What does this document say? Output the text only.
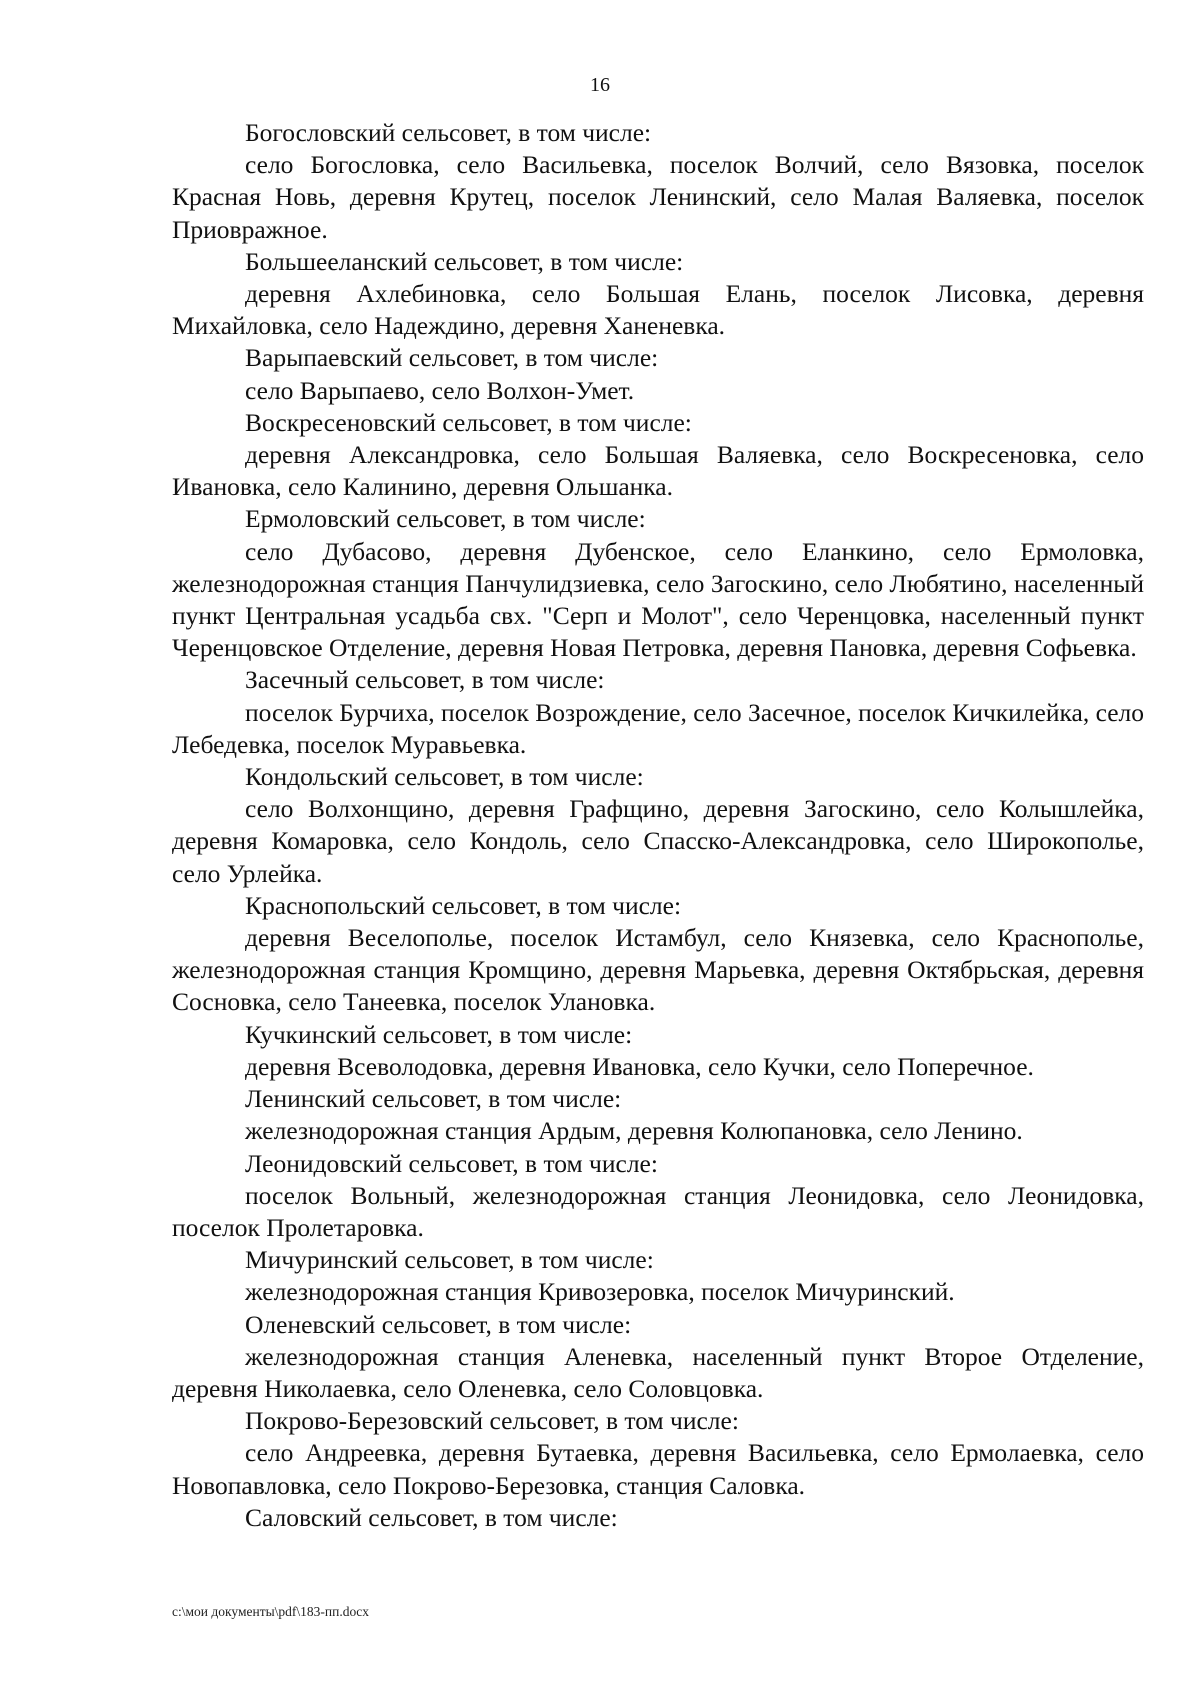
16

Богословский сельсовет, в том числе:

село Богословка, село Васильевка, поселок Волчий, село Вязовка, поселок Красная Новь, деревня Крутец, поселок Ленинский, село Малая Валяевка, поселок Приовражное.

Большееланский сельсовет, в том числе:

деревня Ахлебиновка, село Большая Елань, поселок Лисовка, деревня Михайловка, село Надеждино, деревня Ханеневка.

Варыпаевский сельсовет, в том числе:

село Варыпаево, село Волхон-Умет.

Воскресеновский сельсовет, в том числе:

деревня Александровка, село Большая Валяевка, село Воскресеновка, село Ивановка, село Калинино, деревня Ольшанка.

Ермоловский сельсовет, в том числе:

село Дубасово, деревня Дубенское, село Еланкино, село Ермоловка, железнодорожная станция Панчулидзиевка, село Загоскино, село Любятино, населенный пункт Центральная усадьба свх. "Серп и Молот", село Черенцовка, населенный пункт Черенцовское Отделение, деревня Новая Петровка, деревня Пановка, деревня Софьевка.

Засечный сельсовет, в том числе:

поселок Бурчиха, поселок Возрождение, село Засечное, поселок Кичкилейка, село Лебедевка, поселок Муравьевка.

Кондольский сельсовет, в том числе:

село Волхонщино, деревня Графщино, деревня Загоскино, село Колышлейка, деревня Комаровка, село Кондоль, село Спасско-Александровка, село Широкополье, село Урлейка.

Краснопольский сельсовет, в том числе:

деревня Веселополье, поселок Истамбул, село Князевка, село Краснополье, железнодорожная станция Кромщино, деревня Марьевка, деревня Октябрьская, деревня Сосновка, село Танеевка, поселок Улановка.

Кучкинский сельсовет, в том числе:

деревня Всеволодовка, деревня Ивановка, село Кучки, село Поперечное.

Ленинский сельсовет, в том числе:

железнодорожная станция Ардым, деревня Колюпановка, село Ленино.

Леонидовский сельсовет, в том числе:

поселок Вольный, железнодорожная станция Леонидовка, село Леонидовка, поселок Пролетаровка.

Мичуринский сельсовет, в том числе:

железнодорожная станция Кривозеровка, поселок Мичуринский.

Оленевский сельсовет, в том числе:

железнодорожная станция Аленевка, населенный пункт Второе Отделение, деревня Николаевка, село Оленевка, село Соловцовка.

Покрово-Березовский сельсовет, в том числе:

село Андреевка, деревня Бутаевка, деревня Васильевка, село Ермолаевка, село Новопавловка, село Покрово-Березовка, станция Саловка.

Саловский сельсовет, в том числе:

c:\мои документы\pdf\183-пп.docx
